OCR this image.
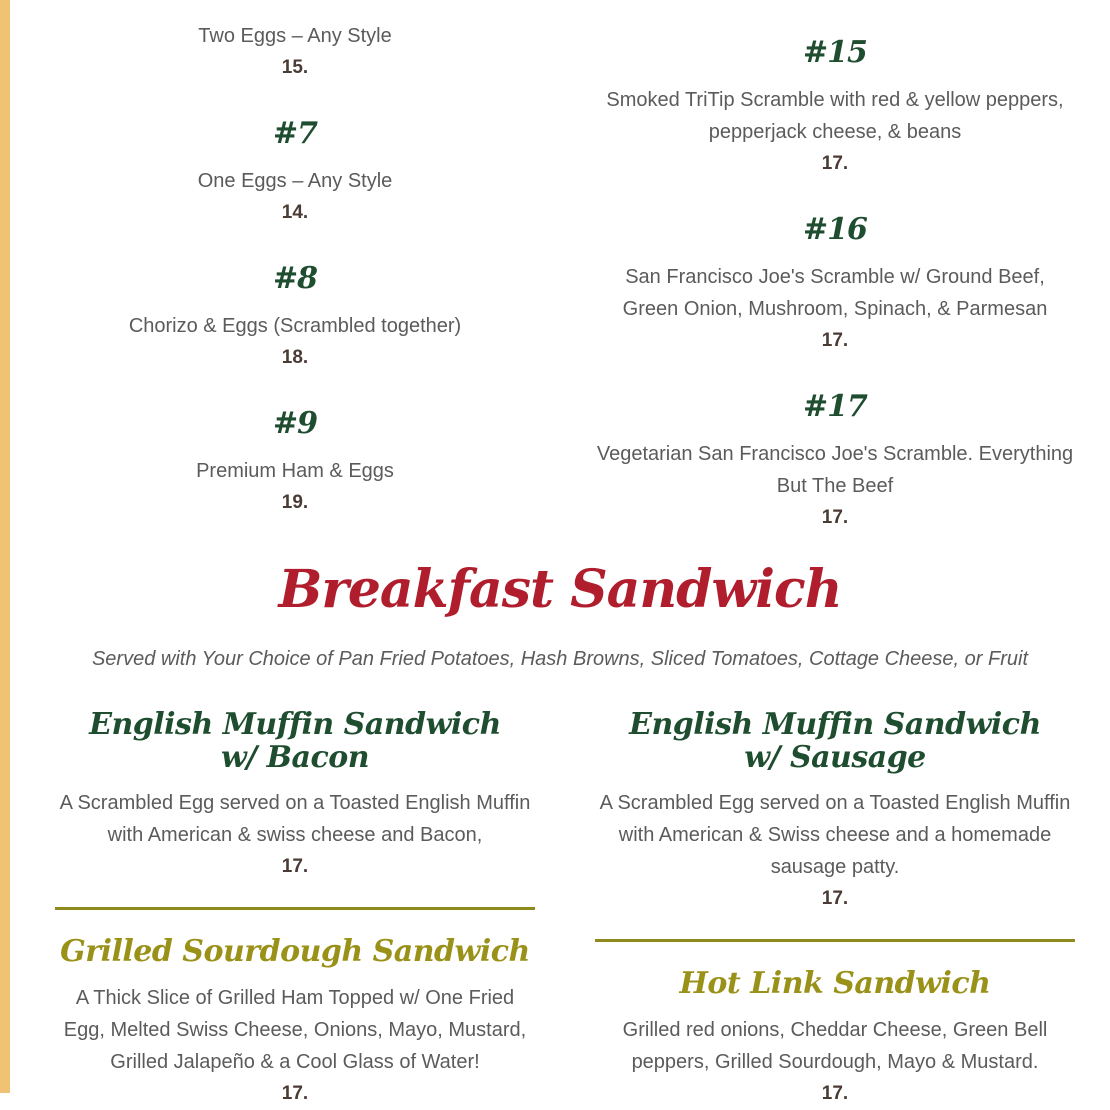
Two Eggs – Any Style
15.
#7
One Eggs – Any Style
14.
#8
Chorizo & Eggs (Scrambled together)
18.
#9
Premium Ham & Eggs
19.
#15
Smoked TriTip Scramble with red & yellow peppers, pepperjack cheese, & beans
17.
#16
San Francisco Joe's Scramble w/ Ground Beef, Green Onion, Mushroom, Spinach, & Parmesan
17.
#17
Vegetarian San Francisco Joe's Scramble. Everything But The Beef
17.
Breakfast Sandwich
Served with Your Choice of Pan Fried Potatoes, Hash Browns, Sliced Tomatoes, Cottage Cheese, or Fruit
English Muffin Sandwich w/ Bacon
A Scrambled Egg served on a Toasted English Muffin with American & swiss cheese and Bacon,
17.
Grilled Sourdough Sandwich
A Thick Slice of Grilled Ham Topped w/ One Fried Egg, Melted Swiss Cheese, Onions, Mayo, Mustard, Grilled Jalapeño & a Cool Glass of Water!
17.
English Muffin Sandwich w/ Sausage
A Scrambled Egg served on a Toasted English Muffin with American & Swiss cheese and a homemade sausage patty.
17.
Hot Link Sandwich
Grilled red onions, Cheddar Cheese, Green Bell peppers, Grilled Sourdough, Mayo & Mustard.
17.
